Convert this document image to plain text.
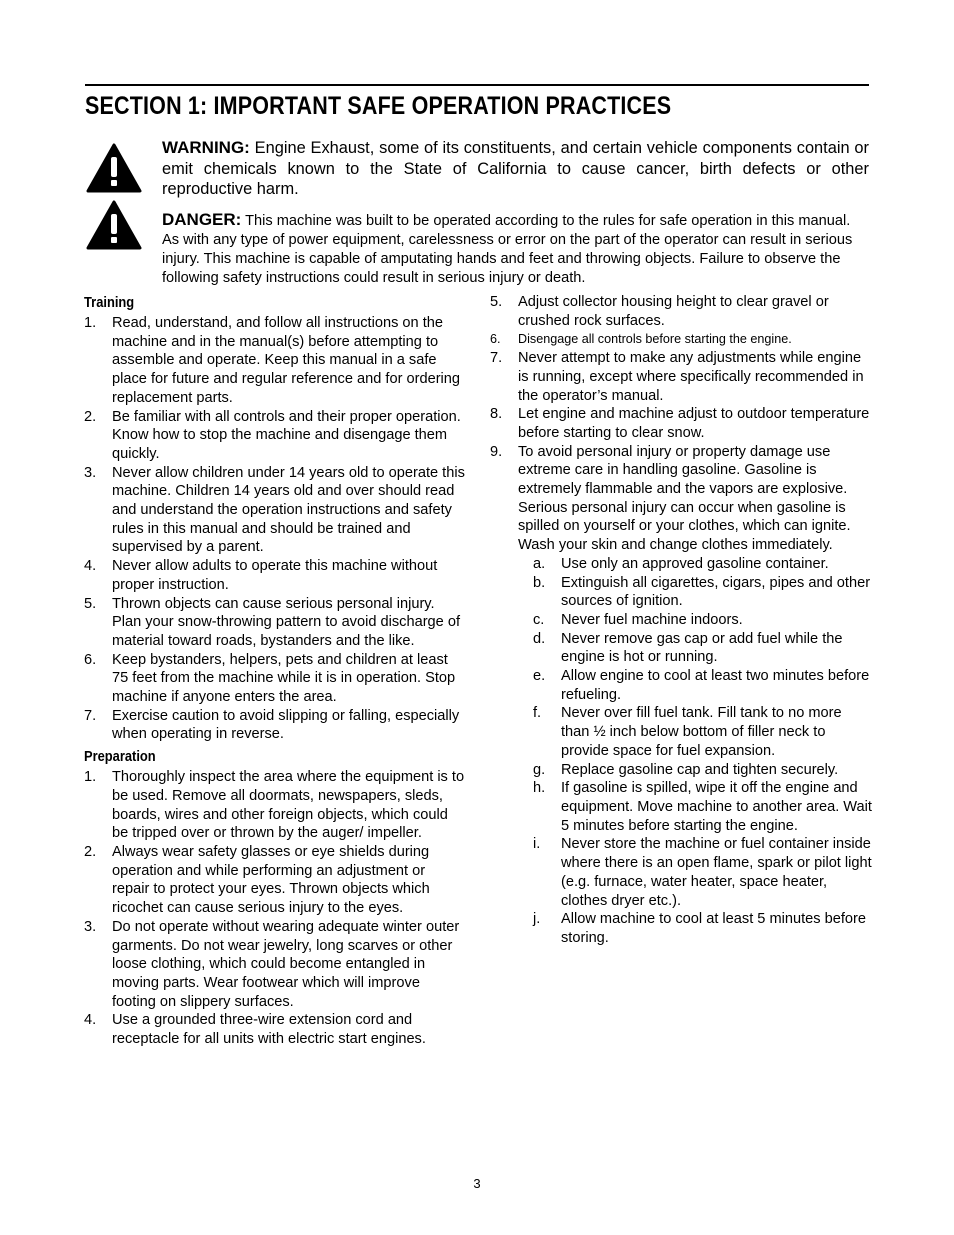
SECTION 1: IMPORTANT SAFE OPERATION PRACTICES

WARNING: Engine Exhaust, some of its constituents, and certain vehicle components contain or emit chemicals known to the State of California to cause cancer, birth defects or other reproductive harm.

DANGER: This machine was built to be operated according to the rules for safe operation in this manual. As with any type of power equipment, carelessness or error on the part of the operator can result in serious injury. This machine is capable of amputating hands and feet and throwing objects. Failure to observe the following safety instructions could result in serious injury or death.

Training
1.	Read, understand, and follow all instructions on the machine and in the manual(s) before attempting to assemble and operate. Keep this manual in a safe place for future and regular reference and for ordering replacement parts.
2.	Be familiar with all controls and their proper operation. Know how to stop the machine and disengage them quickly.
3.	Never allow children under 14 years old to operate this machine. Children 14 years old and over should read and understand the operation instructions and safety rules in this manual and should be trained and supervised by a parent.
4.	Never allow adults to operate this machine without proper instruction.
5.	Thrown objects can cause serious personal injury. Plan your snow-throwing pattern to avoid discharge of material toward roads, bystanders and the like.
6.	Keep bystanders, helpers, pets and children at least 75 feet from the machine while it is in operation. Stop machine if anyone enters the area.
7.	Exercise caution to avoid slipping or falling, especially when operating in reverse.
Preparation
1.	Thoroughly inspect the area where the equipment is to be used. Remove all doormats, newspapers, sleds, boards, wires and other foreign objects, which could be tripped over or thrown by the auger/ impeller.
2.	Always wear safety glasses or eye shields during operation and while performing an adjustment or repair to protect your eyes. Thrown objects which ricochet can cause serious injury to the eyes.
3.	Do not operate without wearing adequate winter outer garments. Do not wear jewelry, long scarves or other loose clothing, which could become entangled in moving parts. Wear footwear which will improve footing on slippery surfaces.
4.	Use a grounded three-wire extension cord and receptacle for all units with electric start engines.
5.	Adjust collector housing height to clear gravel or crushed rock surfaces.
6.	Disengage all controls before starting the engine.
7.	Never attempt to make any adjustments while engine is running, except where specifically recommended in the operator’s manual.
8.	Let engine and machine adjust to outdoor temperature before starting to clear snow.
9.	To avoid personal injury or property damage use extreme care in handling gasoline. Gasoline is extremely flammable and the vapors are explosive. Serious personal injury can occur when gasoline is spilled on yourself or your clothes, which can ignite. Wash your skin and change clothes immediately.
a.	Use only an approved gasoline container.
b.	Extinguish all cigarettes, cigars, pipes and other sources of ignition.
c.	Never fuel machine indoors.
d.	Never remove gas cap or add fuel while the engine is hot or running.
e.	Allow engine to cool at least two minutes before refueling.
f.	Never over fill fuel tank. Fill tank to no more than ½ inch below bottom of filler neck to provide space for fuel expansion.
g.	Replace gasoline cap and tighten securely.
h.	If gasoline is spilled, wipe it off the engine and equipment. Move machine to another area. Wait 5 minutes before starting the engine.
i.	Never store the machine or fuel container inside where there is an open flame, spark or pilot light (e.g. furnace, water heater, space heater, clothes dryer etc.).
j.	Allow machine to cool at least 5 minutes before storing.
3
